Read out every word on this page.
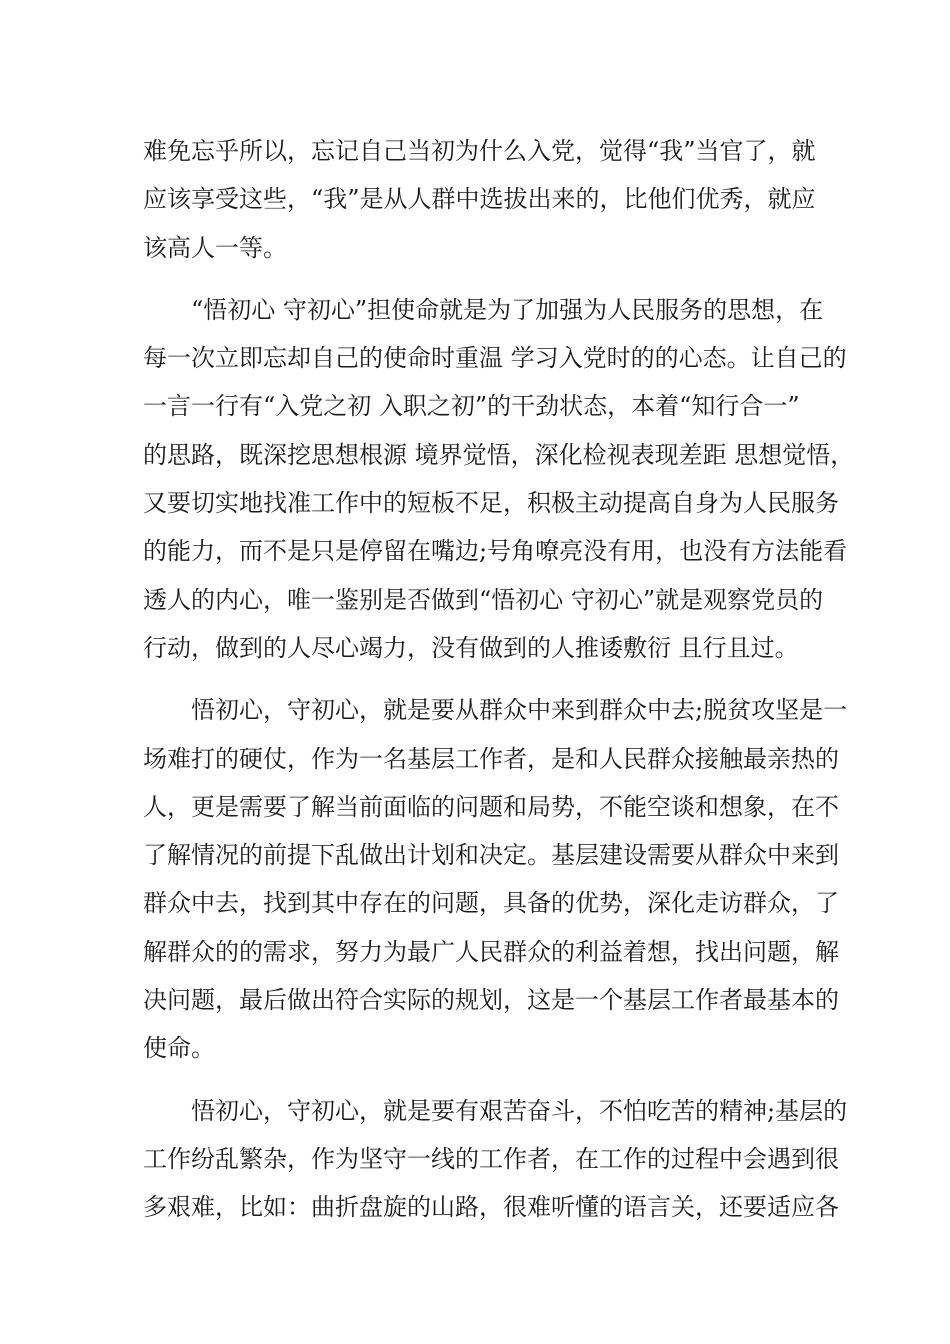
难免忘乎所以，忘记自己当初为什么入党，觉得“我”当官了，就
应该享受这些，“我”是从人群中选拔出来的，比他们优秀，就应
该高人一等。
“悟初心 守初心”担使命就是为了加强为人民服务的思想，在
每一次立即忘却自己的使命时重温 学习入党时的的心态。让自己的
一言一行有“入党之初 入职之初”的干劲状态，本着“知行合一”
的思路，既深挖思想根源 境界觉悟，深化检视表现差距 思想觉悟，
又要切实地找准工作中的短板不足，积极主动提高自身为人民服务
的能力，而不是只是停留在嘴边;号角嘹亮没有用，也没有方法能看
透人的内心，唯一鉴别是否做到“悟初心 守初心”就是观察党员的
行动，做到的人尽心竭力，没有做到的人推诿敷衍 且行且过。
悟初心，守初心，就是要从群众中来到群众中去;脱贫攻坚是一
场难打的硬仗，作为一名基层工作者，是和人民群众接触最亲热的
人，更是需要了解当前面临的问题和局势，不能空谈和想象，在不
了解情况的前提下乱做出计划和决定。基层建设需要从群众中来到
群众中去，找到其中存在的问题，具备的优势，深化走访群众，了
解群众的的需求，努力为最广人民群众的利益着想，找出问题，解
决问题，最后做出符合实际的规划，这是一个基层工作者最基本的
使命。
悟初心，守初心，就是要有艰苦奋斗，不怕吃苦的精神;基层的
工作纷乱繁杂，作为坚守一线的工作者，在工作的过程中会遇到很
多艰难，比如：曲折盘旋的山路，很难听懂的语言关，还要适应各
